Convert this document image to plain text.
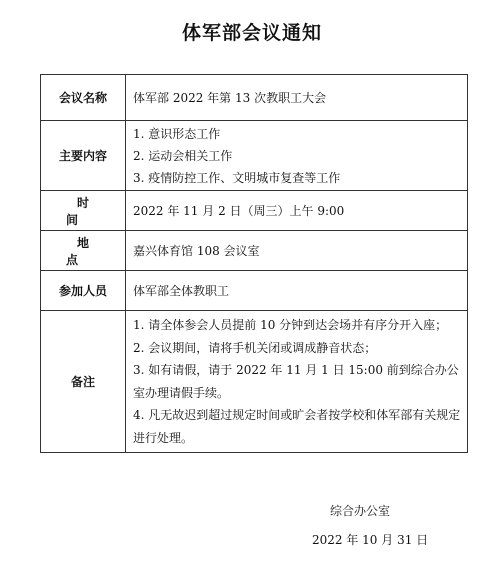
体军部会议通知
会议名称	体军部 2022 年第 13 次教职工大会
主要内容	1. 意识形态工作
2. 运动会相关工作
3. 疫情防控工作、文明城市复查等工作

时　间	2022 年 11 月 2 日（周三）上午 9:00
地　点	嘉兴体育馆 108 会议室
参加人员	体军部全体教职工
备注	1. 请全体参会人员提前 10 分钟到达会场并有序分开入座；
2. 会议期间，请将手机关闭或调成静音状态；
3. 如有请假，请于 2022 年 11 月 1 日 15:00 前到综合办公室办理请假手续。
4. 凡无故迟到超过规定时间或旷会者按学校和体军部有关规定进行处理。
综合办公室
2022 年 10 月 31 日
